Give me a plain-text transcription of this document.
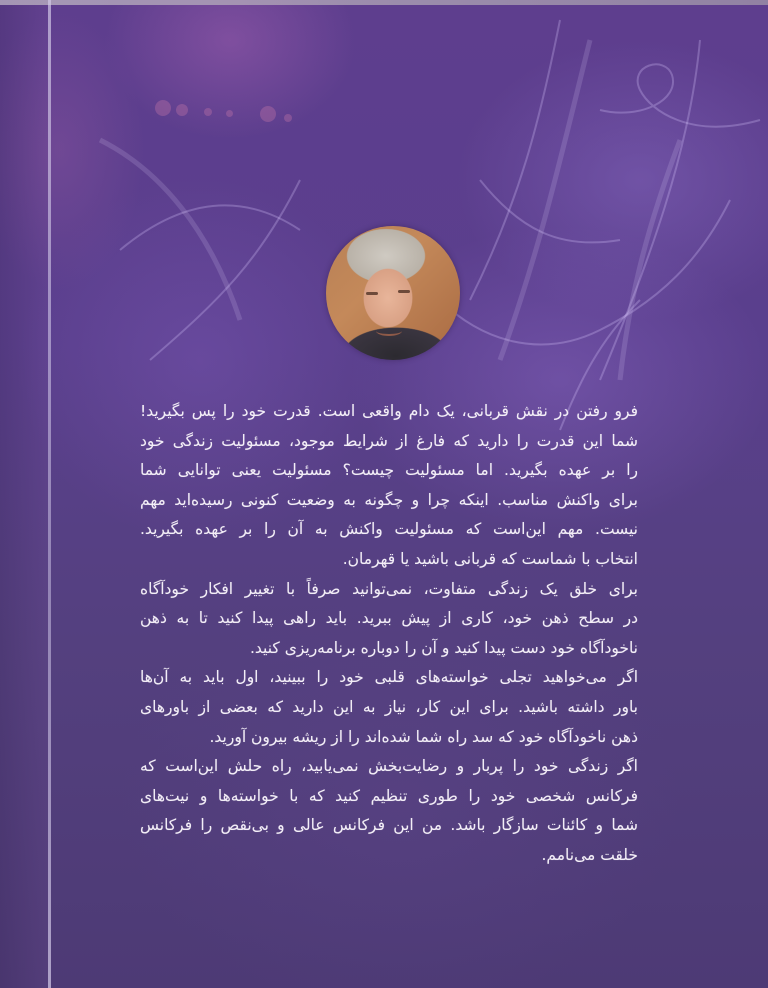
فرو رفتن در نقش قربانی، یک دام واقعی است. قدرت خود را پس بگیرید!
شما این قدرت را دارید که فارغ از شرایط موجود، مسئولیت زندگی خود
را بر عهده بگیرید. اما مسئولیت چیست؟ مسئولیت یعنی توانایی شما
برای واکنش مناسب. اینکه چرا و چگونه به وضعیت کنونی رسیده‌اید مهم
نیست. مهم این‌است که مسئولیت واکنش به آن را بر عهده بگیرید.
انتخاب با شماست که قربانی باشید یا قهرمان.
برای خلق یک زندگی متفاوت، نمی‌توانید صرفاً با تغییر افکار خودآگاه
در سطح ذهن خود، کاری از پیش ببرید. باید راهی پیدا کنید تا به ذهن
ناخودآگاه خود دست پیدا کنید و آن را دوباره برنامه‌ریزی کنید.
اگر می‌خواهید تجلی خواسته‌های قلبی خود را ببینید، اول باید به آن‌ها
باور داشته باشید. برای این کار، نیاز به این دارید که بعضی از باورهای
ذهن ناخودآگاه خود که سد راه شما شده‌اند را از ریشه بیرون آورید.
اگر زندگی خود را پربار و رضایت‌بخش نمی‌یابید، راه حلش این‌است که
فرکانس شخصی خود را طوری تنظیم کنید که با خواسته‌ها و نیت‌های
شما و کائنات سازگار باشد. من این فرکانس عالی و بی‌نقص را فرکانس
خلقت می‌نامم.
